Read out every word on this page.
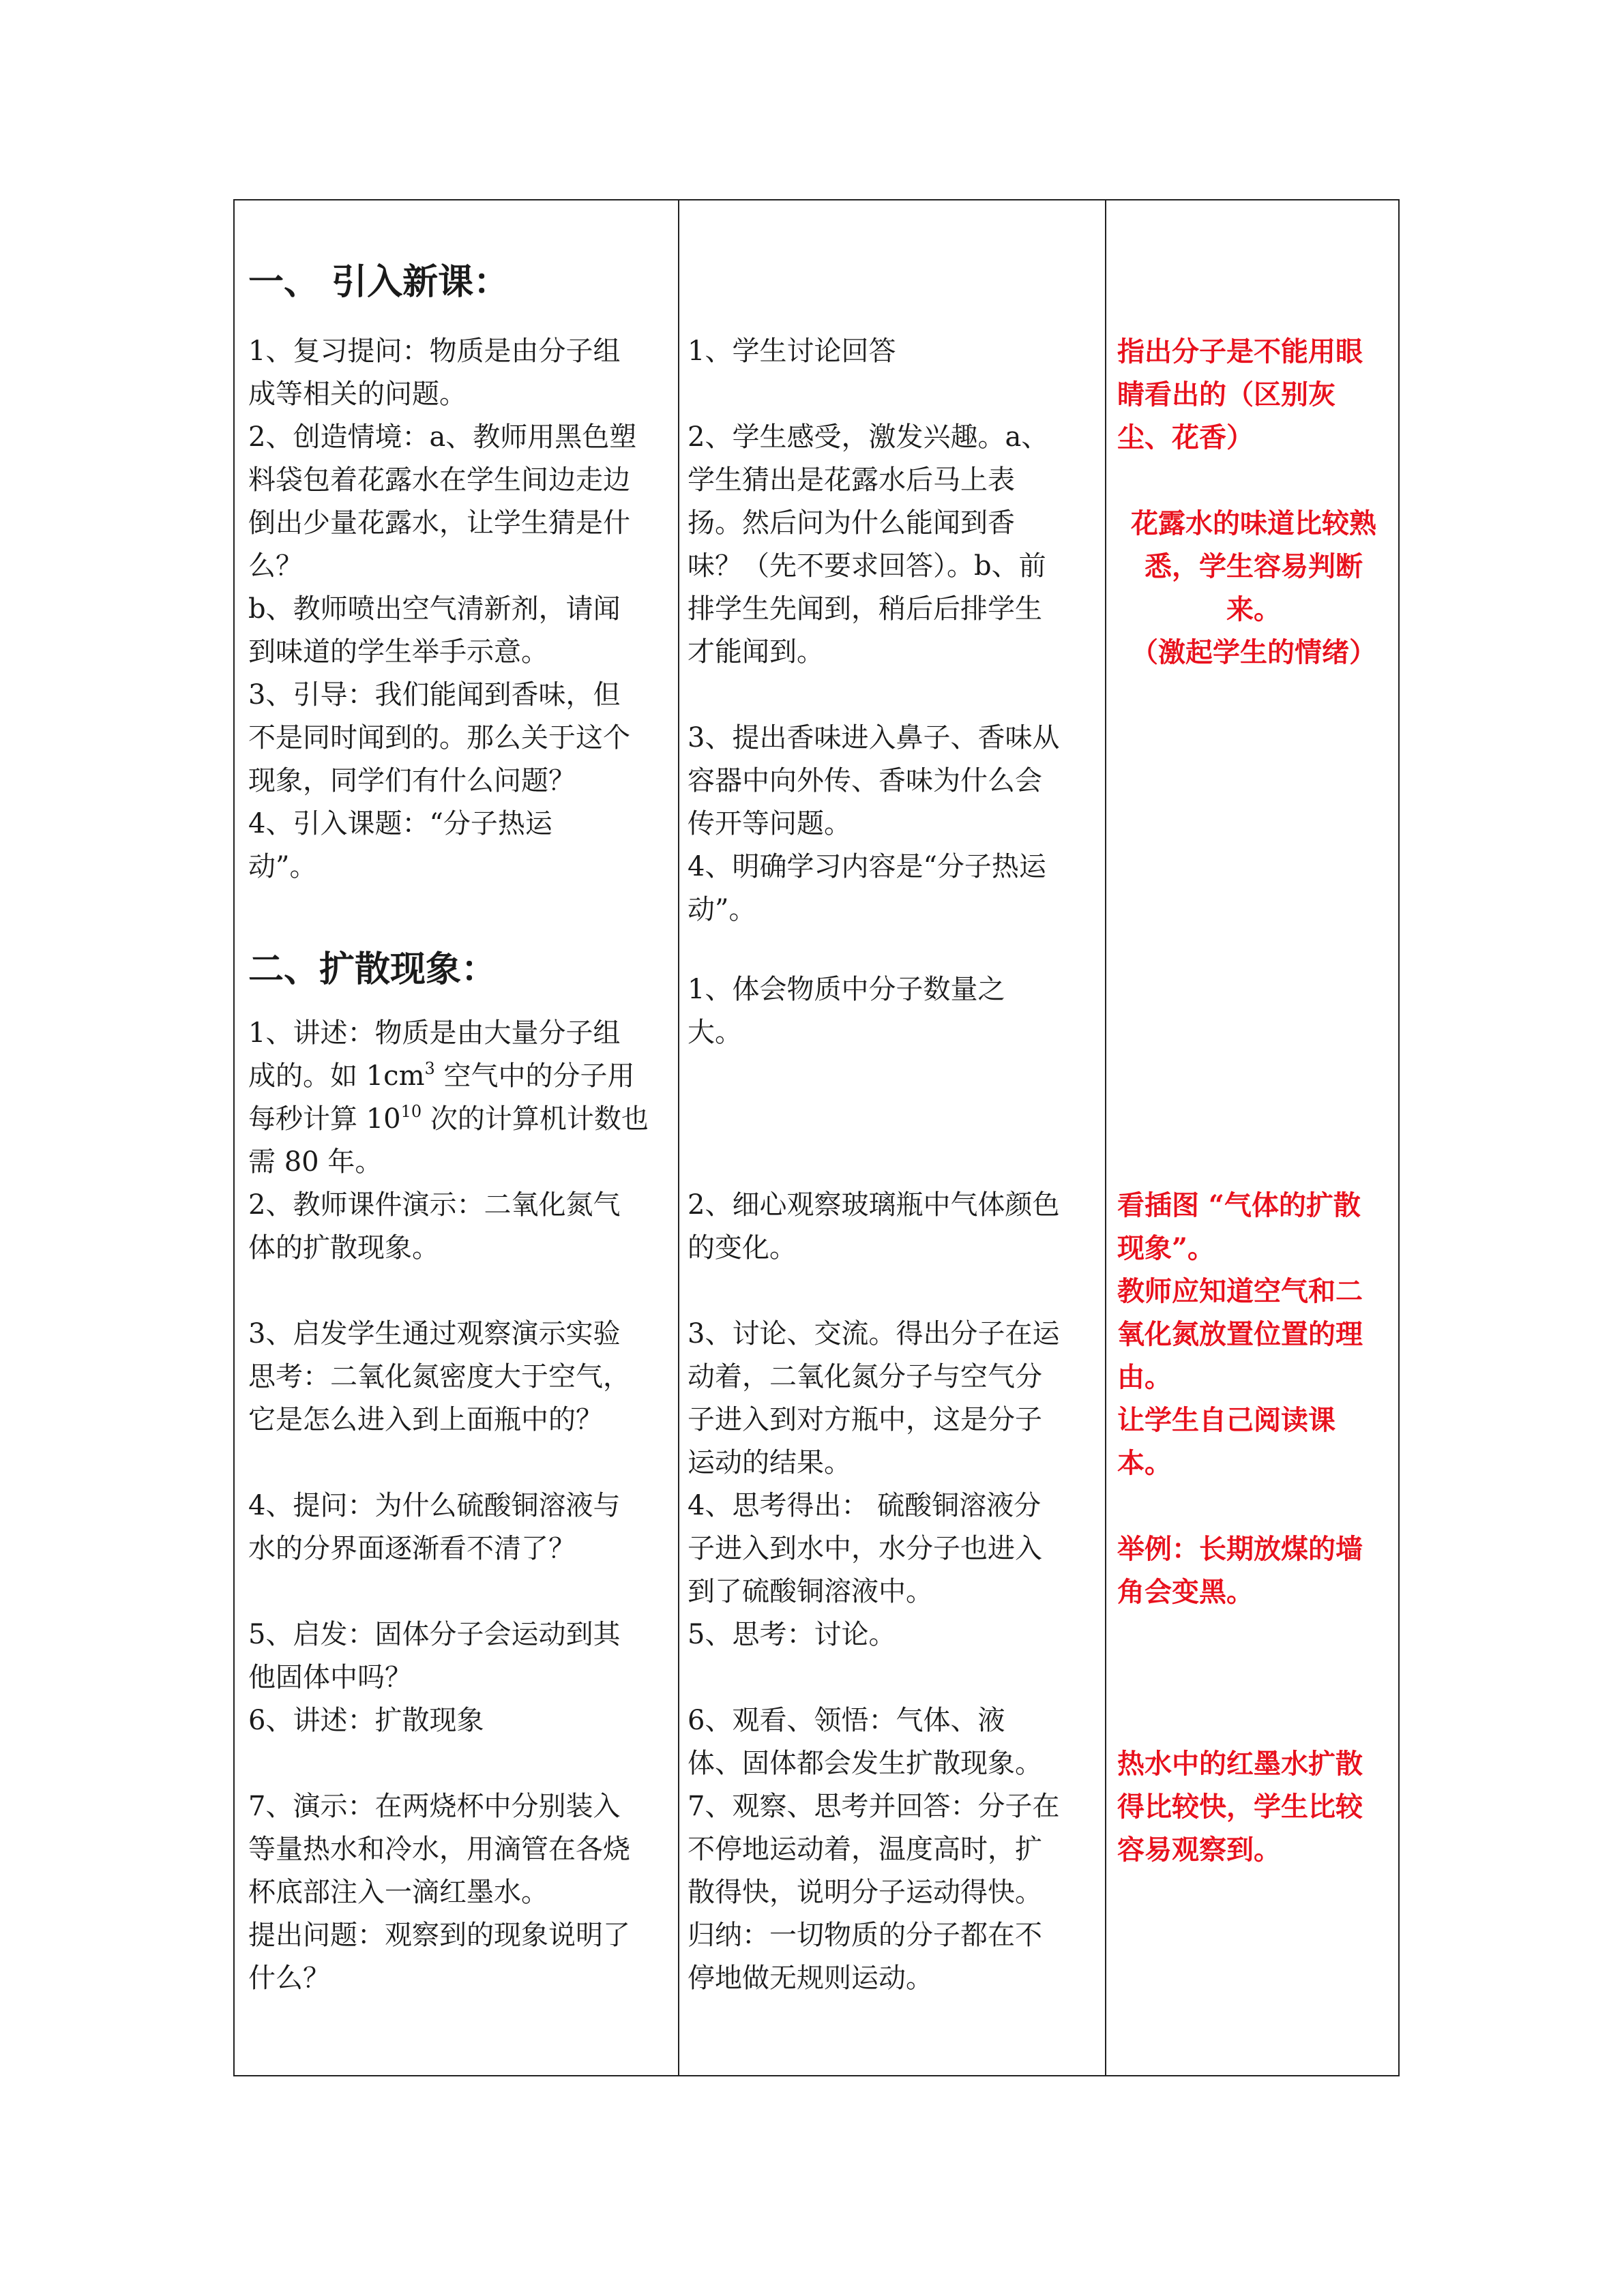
一、 引入新课：
1、复习提问：物质是由分子组
成等相关的问题。
2、创造情境：a、教师用黑色塑
料袋包着花露水在学生间边走边
倒出少量花露水，让学生猜是什
么？
b、教师喷出空气清新剂，请闻
到味道的学生举手示意。
3、引导：我们能闻到香味，但
不是同时闻到的。那么关于这个
现象，同学们有什么问题？
4、引入课题：“分子热运
动”。
二、扩散现象：
1、讲述：物质是由大量分子组
成的。如 $1cm^3$ 空气中的分子用
每秒计算 $10^{10}$ 次的计算机计数也
需 80 年。
2、教师课件演示：二氧化氮气
体的扩散现象。

3、启发学生通过观察演示实验
思考：二氧化氮密度大于空气，
它是怎么进入到上面瓶中的？

4、提问：为什么硫酸铜溶液与
水的分界面逐渐看不清了？

5、启发：固体分子会运动到其
他固体中吗？
6、讲述：扩散现象

7、演示：在两烧杯中分别装入
等量热水和冷水，用滴管在各烧
杯底部注入一滴红墨水。
提出问题：观察到的现象说明了
什么？
1、学生讨论回答

2、学生感受，激发兴趣。a、
学生猜出是花露水后马上表
扬。然后问为什么能闻到香
味？（先不要求回答）。b、前
排学生先闻到，稍后后排学生
才能闻到。

3、提出香味进入鼻子、香味从
容器中向外传、香味为什么会
传开等问题。
4、明确学习内容是“分子热运
动”。
1、体会物质中分子数量之
大。
2、细心观察玻璃瓶中气体颜色
的变化。

3、讨论、交流。得出分子在运
动着，二氧化氮分子与空气分
子进入到对方瓶中，这是分子
运动的结果。
4、思考得出： 硫酸铜溶液分
子进入到水中，水分子也进入
到了硫酸铜溶液中。
5、思考：讨论。

6、观看、领悟：气体、液
体、固体都会发生扩散现象。
7、观察、思考并回答：分子在
不停地运动着，温度高时，扩
散得快，说明分子运动得快。
归纳：一切物质的分子都在不
停地做无规则运动。
指出分子是不能用眼
睛看出的（区别灰
尘、花香）
花露水的味道比较熟
悉，学生容易判断
来。
（激起学生的情绪）
看插图 “气体的扩散
现象”。
教师应知道空气和二
氧化氮放置位置的理
由。
让学生自己阅读课
本。

举例：长期放煤的墙
角会变黑。
热水中的红墨水扩散
得比较快，学生比较
容易观察到。
